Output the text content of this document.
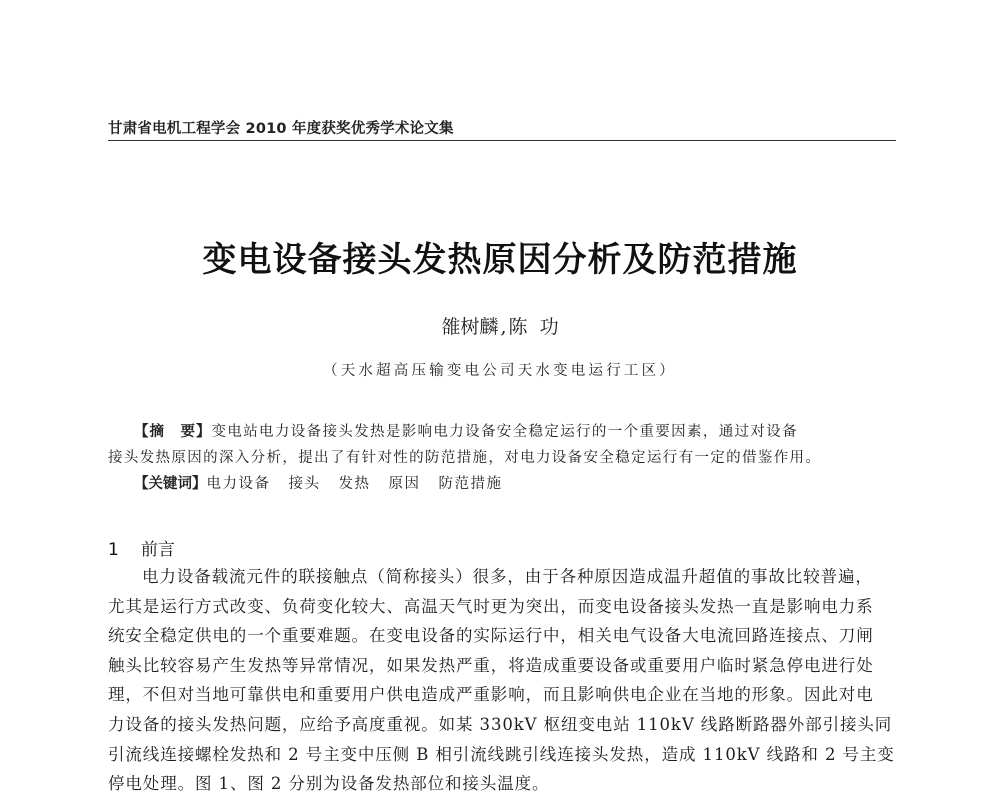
甘肃省电机工程学会 2010 年度获奖优秀学术论文集
变电设备接头发热原因分析及防范措施
雒树麟 , 陈  功
（天水超高压输变电公司天水变电运行工区）
【摘　要】变电站电力设备接头发热是影响电力设备安全稳定运行的一个重要因素，通过对设备
接头发热原因的深入分析，提出了有针对性的防范措施，对电力设备安全稳定运行有一定的借鉴作用。
【关键词】电力设备 接头 发热 原因 防范措施
1 前言
电力设备载流元件的联接触点（简称接头）很多，由于各种原因造成温升超值的事故比较普遍，
尤其是运行方式改变、负荷变化较大、高温天气时更为突出，而变电设备接头发热一直是影响电力系
统安全稳定供电的一个重要难题。在变电设备的实际运行中，相关电气设备大电流回路连接点、刀闸
触头比较容易产生发热等异常情况，如果发热严重，将造成重要设备或重要用户临时紧急停电进行处
理，不但对当地可靠供电和重要用户供电造成严重影响，而且影响供电企业在当地的形象。因此对电
力设备的接头发热问题，应给予高度重视。如某 330kV 枢纽变电站 110kV 线路断路器外部引接头同
引流线连接螺栓发热和 2 号主变中压侧 B 相引流线跳引线连接头发热，造成 110kV 线路和 2 号主变
停电处理。图 1、图 2 分别为设备发热部位和接头温度。
